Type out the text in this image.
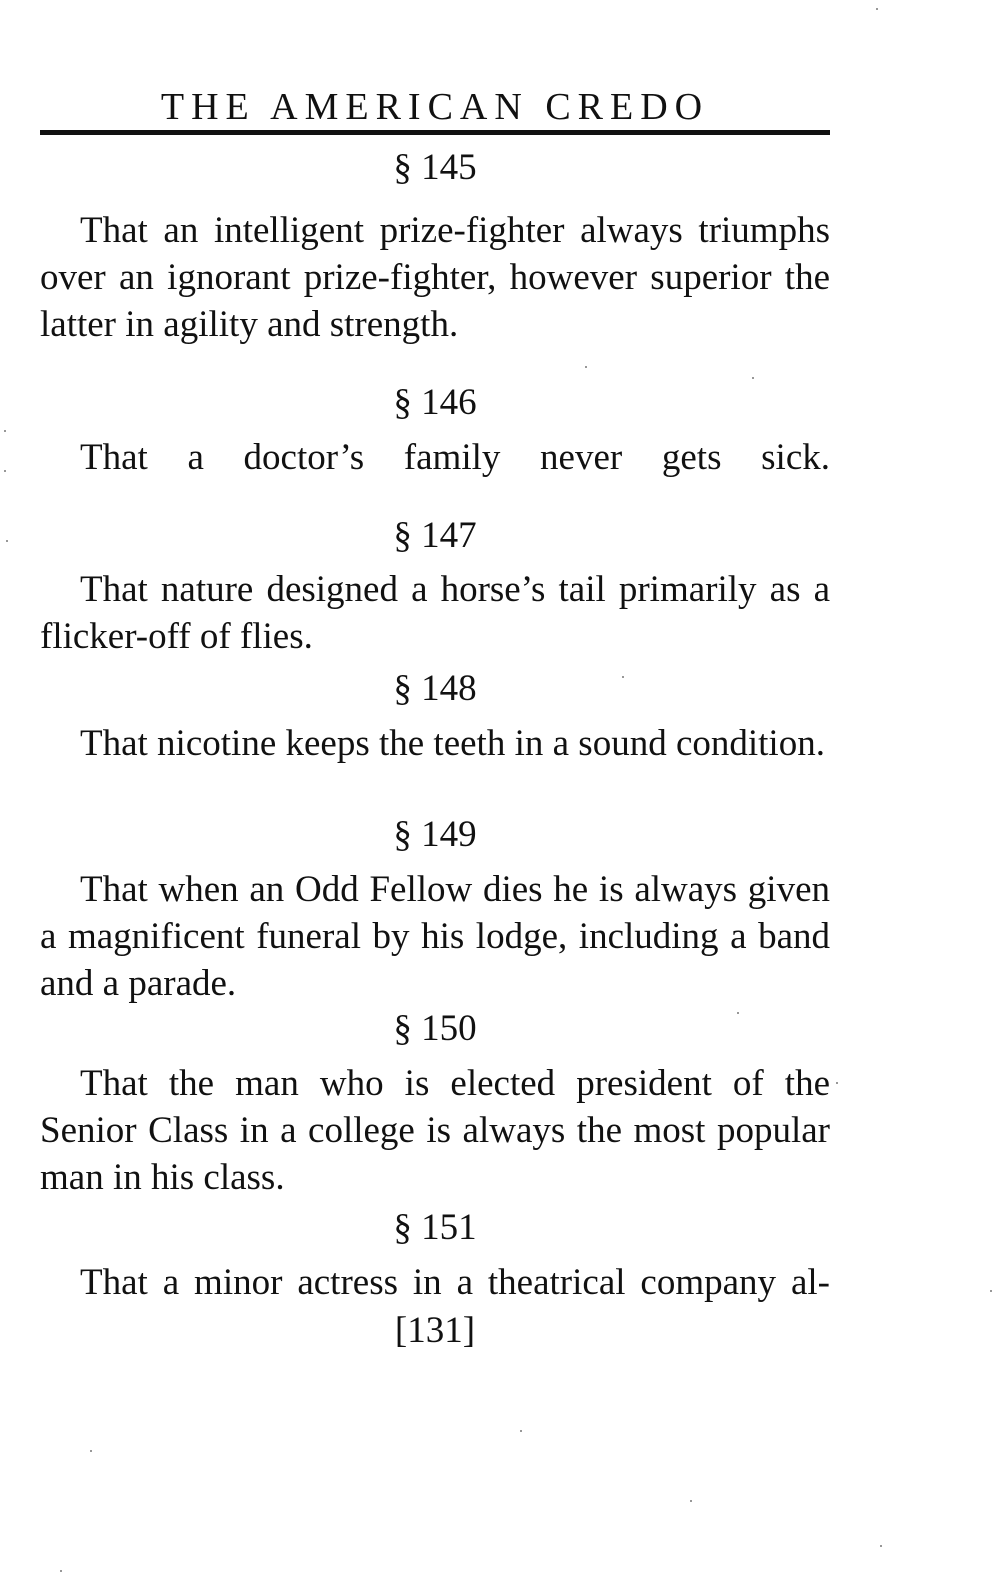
THE AMERICAN CREDO
§ 145

That an intelligent prize-fighter always triumphs over an ignorant prize-fighter, however superior the latter in agility and strength.

§ 146

That a doctor’s family never gets sick.

§ 147

That nature designed a horse’s tail primarily as a flicker-off of flies.

§ 148

That nicotine keeps the teeth in a sound condition.

§ 149

That when an Odd Fellow dies he is always given a magnificent funeral by his lodge, including a band and a parade.

§ 150

That the man who is elected president of the Senior Class in a college is always the most popular man in his class.

§ 151

That a minor actress in a theatrical company al-

[131]
